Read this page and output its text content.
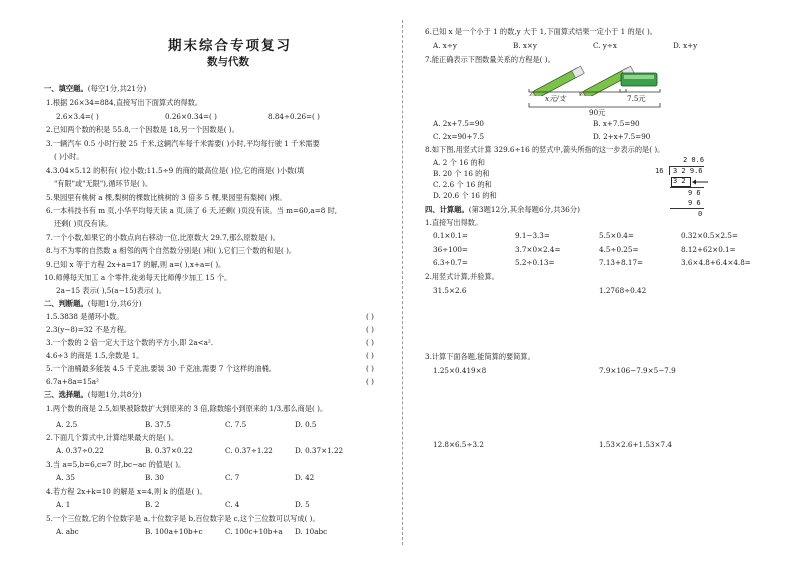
期末综合专项复习
数与代数
一、填空题。(每空1分,共21分)
1.根据 26×34=884,直接写出下面算式的得数。
2.6×3.4=( )	0.26×0.34=( )	8.84÷0.26=( )
2.已知两个数的积是 55.8,一个因数是 18,另一个因数是( )。
3.一辆汽车 0.5 小时行驶 25 千米,这辆汽车每千米需要( )小时,平均每行驶 1 千米需要
( )小时。
4.3.04×5.12 的积有( )位小数;11.5÷9 的商的最高位是( )位,它的商是( )小数(填
"有限"或"无限"),循环节是( )。
5.果园里有桃树 a 棵,梨树的棵数比桃树的 3 倍多 5 棵,果园里有梨树( )棵。
6.一本科技书有 m 页,小华平均每天读 a 页,读了 6 天,还剩( )页没有读。当 m=60,a=8 时,
还剩( )页没有读。
7.一个小数,如果它的小数点向右移动一位,比原数大 29.7,那么原数是( )。
8.与不为零的自然数 a 相邻的两个自然数分别是( )和( ),它们三个数的和是( )。
9.已知 x 等于方程 2x+a=17 的解,则 a=( ),x+a=( )。
10.师傅每天加工 a 个零件,徒弟每天比师傅少加工 15 个。
2a−15 表示( ),5(a−15)表示( )。
二、判断题。(每题1分,共6分)
1.5.3838 是循环小数。	( )
2.3(y−8)=32 不是方程。	( )
3.一个数的 2 倍一定大于这个数的平方小,即 2a<a².	( )
4.6÷3 的商是 1.5,余数是 1。	( )
5.一个油桶最多能装 4.5 千克油,要装 30 千克油,需要 7 个这样的油桶。	( )
6.7a+8a=15a²	( )
三、选择题。(每题1分,共8分)
1.两个数的商是 2.5,如果被除数扩大到原来的 3 倍,除数缩小到原来的 1/3,那么商是( )。
A. 2.5	B. 37.5	C. 7.5	D. 0.5
2.下面几个算式中,计算结果最大的是( )。
A. 0.37÷0.22	B. 0.37×0.22	C. 0.37÷1.22	D. 0.37×1.22
3.当 a=5,b=6,c=7 时,bc−ac 的值是( )。
A. 35	B. 30	C. 7	D. 42
4.若方程 2x+k=10 的解是 x=4,则 k 的值是( )。
A. 1	B. 2	C. 4	D. 5
5.一个三位数,它的个位数字是 a,十位数字是 b,百位数字是 c,这个三位数可以写成( )。
A. abc	B. 100a+10b+c	C. 100c+10b+a D. 10abc
6.已知 x 是一个小于 1 的数,y 大于 1,下面算式结果一定小于 1 的是( )。
A. x÷y	B. x×y	C. y÷x	D. x+y
7.能正确表示下图数量关系的方程是( )。
x元/支	7.5元
90元
A. 2x+7.5=90	B. x+7.5=90
C. 2x=90+7.5	D. 2+x+7.5=90
8.如下图,用竖式计算 329.6÷16 的竖式中,箭头所指的这一步表示的是( )。
A. 2 个 16 的和
B. 20 个 16 的和
C. 2.6 个 16 的和
D. 20.6 个 16 的和
2 0.6
16 3 2 9.6
3 2
9 6
9 6
0
四、计算题。(第3题12分,其余每题6分,共36分)
1.直接写出得数。
0.1×0.1=	9.1−3.3=	5.5×0.4=	0.32×0.5×2.5=
36÷100=	3.7×0×2.4=	4.5÷0.25=	8.12+62×0.1=
6.3÷0.7=	5.2÷0.13=	7.13+8.17=	3.6×4.8+6.4×4.8=
2.用竖式计算,并验算。
31.5×2.6	1.2768÷0.42
3.计算下面各题,能简算的要简算。
1.25×0.419×8	7.9×106−7.9×5−7.9
12.8×6.5÷3.2	1.53×2.6+1.53×7.4
